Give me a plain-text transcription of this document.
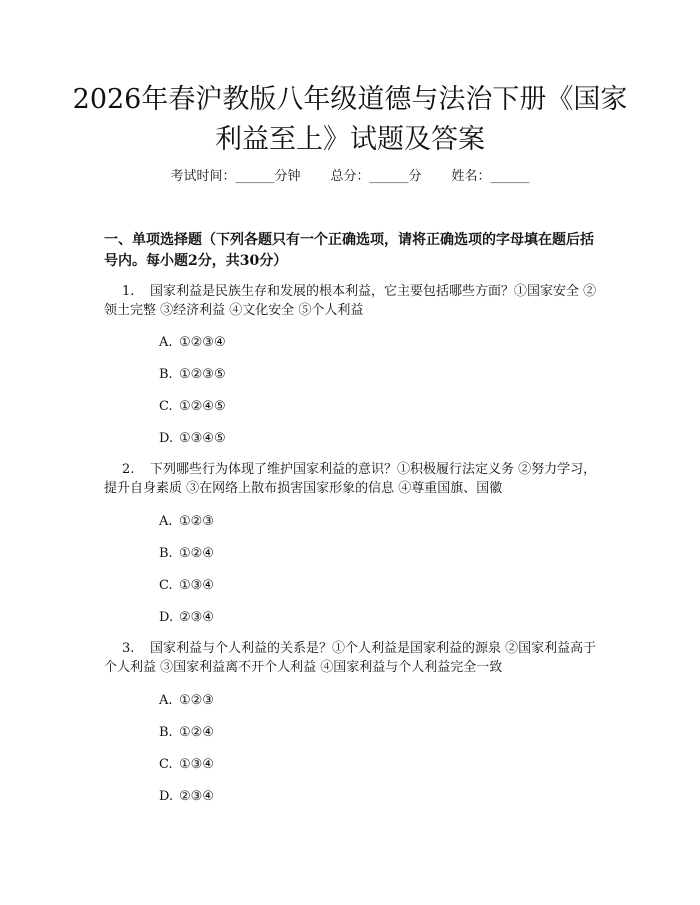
2026年春沪教版八年级道德与法治下册《国家利益至上》试题及答案
考试时间：______分钟 总分：______分 姓名：______
一、单项选择题（下列各题只有一个正确选项，请将正确选项的字母填在题后括号内。每小题2分，共30分）
1. 国家利益是民族生存和发展的根本利益，它主要包括哪些方面？①国家安全 ②领土完整 ③经济利益 ④文化安全 ⑤个人利益
A. ①②③④
B. ①②③⑤
C. ①②④⑤
D. ①③④⑤
2. 下列哪些行为体现了维护国家利益的意识？①积极履行法定义务 ②努力学习，提升自身素质 ③在网络上散布损害国家形象的信息 ④尊重国旗、国徽
A. ①②③
B. ①②④
C. ①③④
D. ②③④
3. 国家利益与个人利益的关系是？①个人利益是国家利益的源泉 ②国家利益高于个人利益 ③国家利益离不开个人利益 ④国家利益与个人利益完全一致
A. ①②③
B. ①②④
C. ①③④
D. ②③④
